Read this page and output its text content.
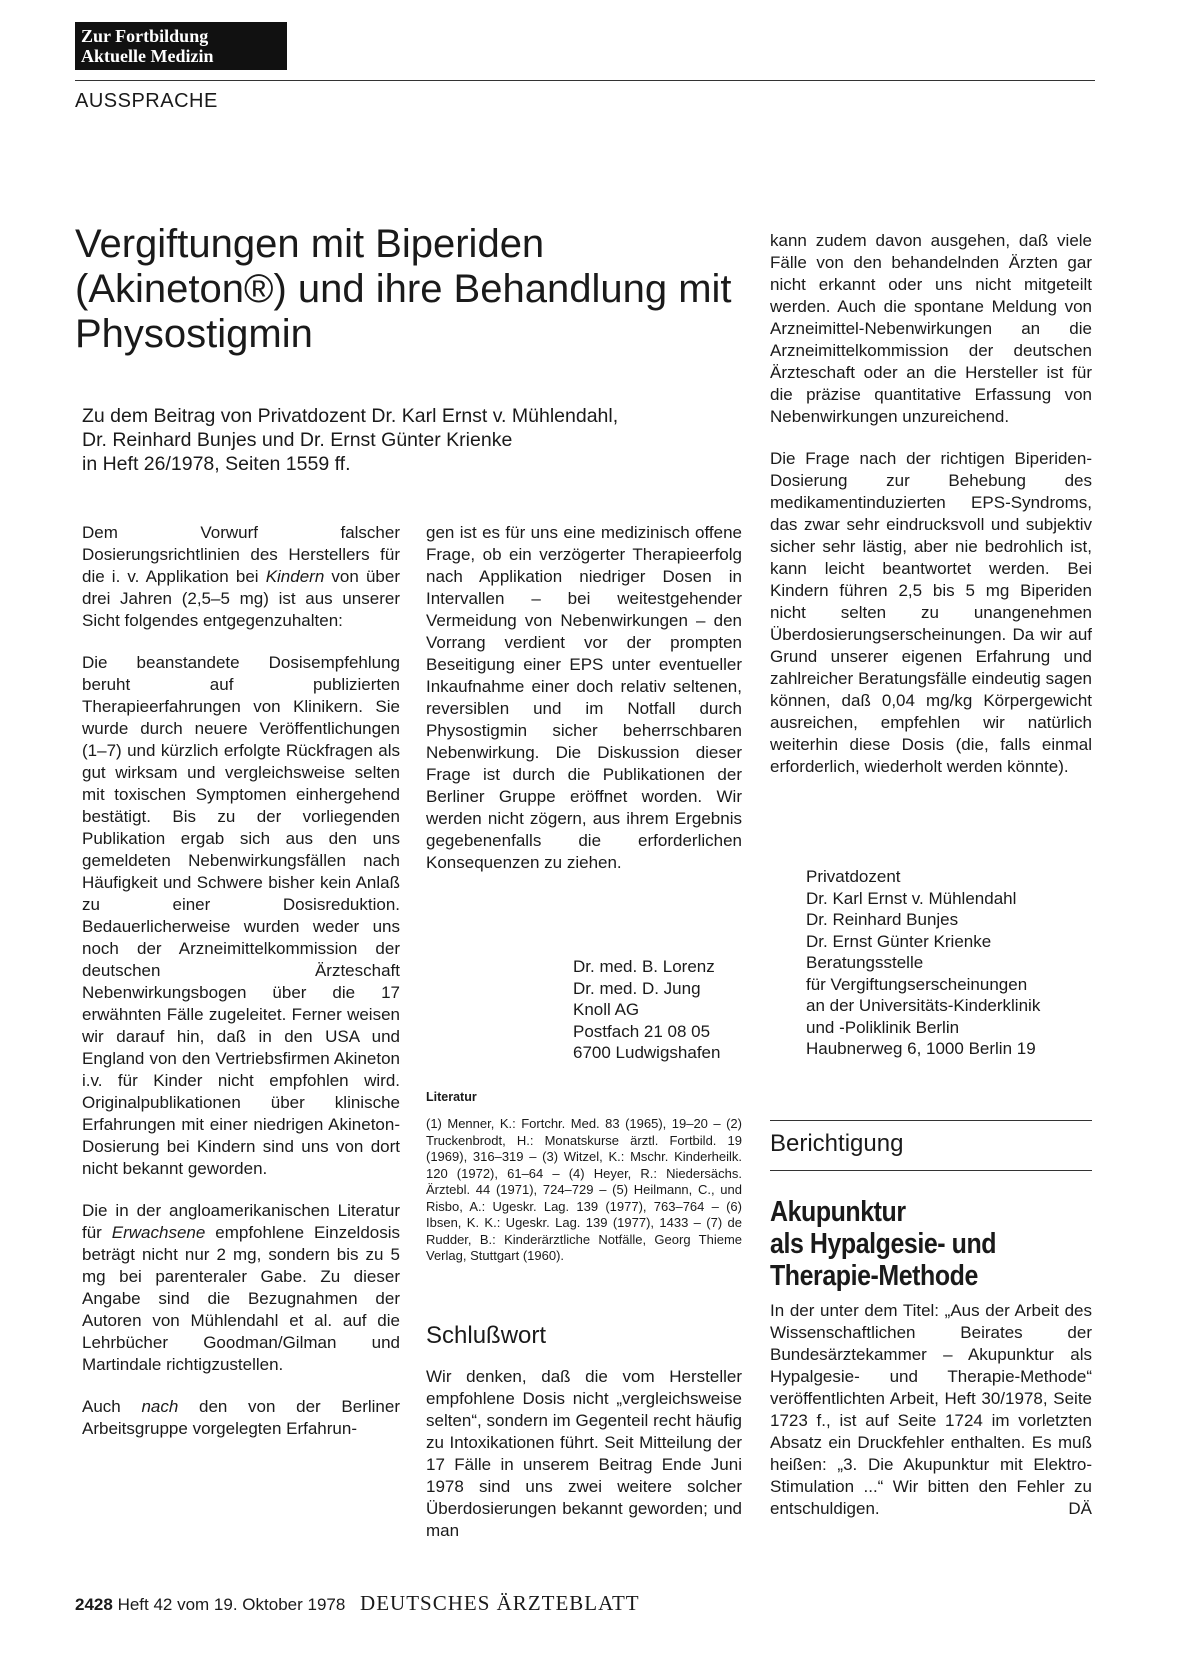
Zur Fortbildung
Aktuelle Medizin
AUSSPRACHE
Vergiftungen mit Biperiden (Akineton®) und ihre Behandlung mit Physostigmin
Zu dem Beitrag von Privatdozent Dr. Karl Ernst v. Mühlendahl,
Dr. Reinhard Bunjes und Dr. Ernst Günter Krienke
in Heft 26/1978, Seiten 1559 ff.

Dem Vorwurf falscher Dosierungsrichtlinien des Herstellers für die i. v. Applikation bei Kindern von über drei Jahren (2,5–5 mg) ist aus unserer Sicht folgendes entgegenzuhalten:

Die beanstandete Dosisempfehlung beruht auf publizierten Therapieerfahrungen von Klinikern. Sie wurde durch neuere Veröffentlichungen (1–7) und kürzlich erfolgte Rückfragen als gut wirksam und vergleichsweise selten mit toxischen Symptomen einhergehend bestätigt. Bis zu der vorliegenden Publikation ergab sich aus den uns gemeldeten Nebenwirkungsfällen nach Häufigkeit und Schwere bisher kein Anlaß zu einer Dosisreduktion. Bedauerlicherweise wurden weder uns noch der Arzneimittelkommission der deutschen Ärzteschaft Nebenwirkungsbogen über die 17 erwähnten Fälle zugeleitet. Ferner weisen wir darauf hin, daß in den USA und England von den Vertriebsfirmen Akineton i.v. für Kinder nicht empfohlen wird. Originalpublikationen über klinische Erfahrungen mit einer niedrigen Akineton-Dosierung bei Kindern sind uns von dort nicht bekannt geworden.

Die in der angloamerikanischen Literatur für Erwachsene empfohlene Einzeldosis beträgt nicht nur 2 mg, sondern bis zu 5 mg bei parenteraler Gabe. Zu dieser Angabe sind die Bezugnahmen der Autoren von Mühlendahl et al. auf die Lehrbücher Goodman/Gilman und Martindale richtigzustellen.

Auch nach den von der Berliner Arbeitsgruppe vorgelegten Erfahrun-

gen ist es für uns eine medizinisch offene Frage, ob ein verzögerter Therapieerfolg nach Applikation niedriger Dosen in Intervallen – bei weitestgehender Vermeidung von Nebenwirkungen – den Vorrang verdient vor der prompten Beseitigung einer EPS unter eventueller Inkaufnahme einer doch relativ seltenen, reversiblen und im Notfall durch Physostigmin sicher beherrschbaren Nebenwirkung. Die Diskussion dieser Frage ist durch die Publikationen der Berliner Gruppe eröffnet worden. Wir werden nicht zögern, aus ihrem Ergebnis gegebenenfalls die erforderlichen Konsequenzen zu ziehen.

Dr. med. B. Lorenz
Dr. med. D. Jung
Knoll AG
Postfach 21 08 05
6700 Ludwigshafen
Literatur
(1) Menner, K.: Fortchr. Med. 83 (1965), 19–20 – (2) Truckenbrodt, H.: Monatskurse ärztl. Fortbild. 19 (1969), 316–319 – (3) Witzel, K.: Mschr. Kinderheilk. 120 (1972), 61–64 – (4) Heyer, R.: Niedersächs. Ärztebl. 44 (1971), 724–729 – (5) Heilmann, C., und Risbo, A.: Ugeskr. Lag. 139 (1977), 763–764 – (6) Ibsen, K. K.: Ugeskr. Lag. 139 (1977), 1433 – (7) de Rudder, B.: Kinderärztliche Notfälle, Georg Thieme Verlag, Stuttgart (1960).
Schlußwort

Wir denken, daß die vom Hersteller empfohlene Dosis nicht „vergleichsweise selten“, sondern im Gegenteil recht häufig zu Intoxikationen führt. Seit Mitteilung der 17 Fälle in unserem Beitrag Ende Juni 1978 sind uns zwei weitere solcher Überdosierungen bekannt geworden; und man

kann zudem davon ausgehen, daß viele Fälle von den behandelnden Ärzten gar nicht erkannt oder uns nicht mitgeteilt werden. Auch die spontane Meldung von Arzneimittel-Nebenwirkungen an die Arzneimittelkommission der deutschen Ärzteschaft oder an die Hersteller ist für die präzise quantitative Erfassung von Nebenwirkungen unzureichend.

Die Frage nach der richtigen Biperiden-Dosierung zur Behebung des medikamentinduzierten EPS-Syndroms, das zwar sehr eindrucksvoll und subjektiv sicher sehr lästig, aber nie bedrohlich ist, kann leicht beantwortet werden. Bei Kindern führen 2,5 bis 5 mg Biperiden nicht selten zu unangenehmen Überdosierungserscheinungen. Da wir auf Grund unserer eigenen Erfahrung und zahlreicher Beratungsfälle eindeutig sagen können, daß 0,04 mg/kg Körpergewicht ausreichen, empfehlen wir natürlich weiterhin diese Dosis (die, falls einmal erforderlich, wiederholt werden könnte).

Privatdozent
Dr. Karl Ernst v. Mühlendahl
Dr. Reinhard Bunjes
Dr. Ernst Günter Krienke
Beratungsstelle
für Vergiftungserscheinungen
an der Universitäts-Kinderklinik
und -Poliklinik Berlin
Haubnerweg 6, 1000 Berlin 19
Berichtigung
Akupunktur
als Hypalgesie- und
Therapie-Methode

In der unter dem Titel: „Aus der Arbeit des Wissenschaftlichen Beirates der Bundesärztekammer – Akupunktur als Hypalgesie- und Therapie-Methode“ veröffentlichten Arbeit, Heft 30/1978, Seite 1723 f., ist auf Seite 1724 im vorletzten Absatz ein Druckfehler enthalten. Es muß heißen: „3. Die Akupunktur mit Elektro-Stimulation ...“ Wir bitten den Fehler zu entschuldigen.	DÄ

2428 Heft 42 vom 19. Oktober 1978 DEUTSCHES ÄRZTEBLATT
